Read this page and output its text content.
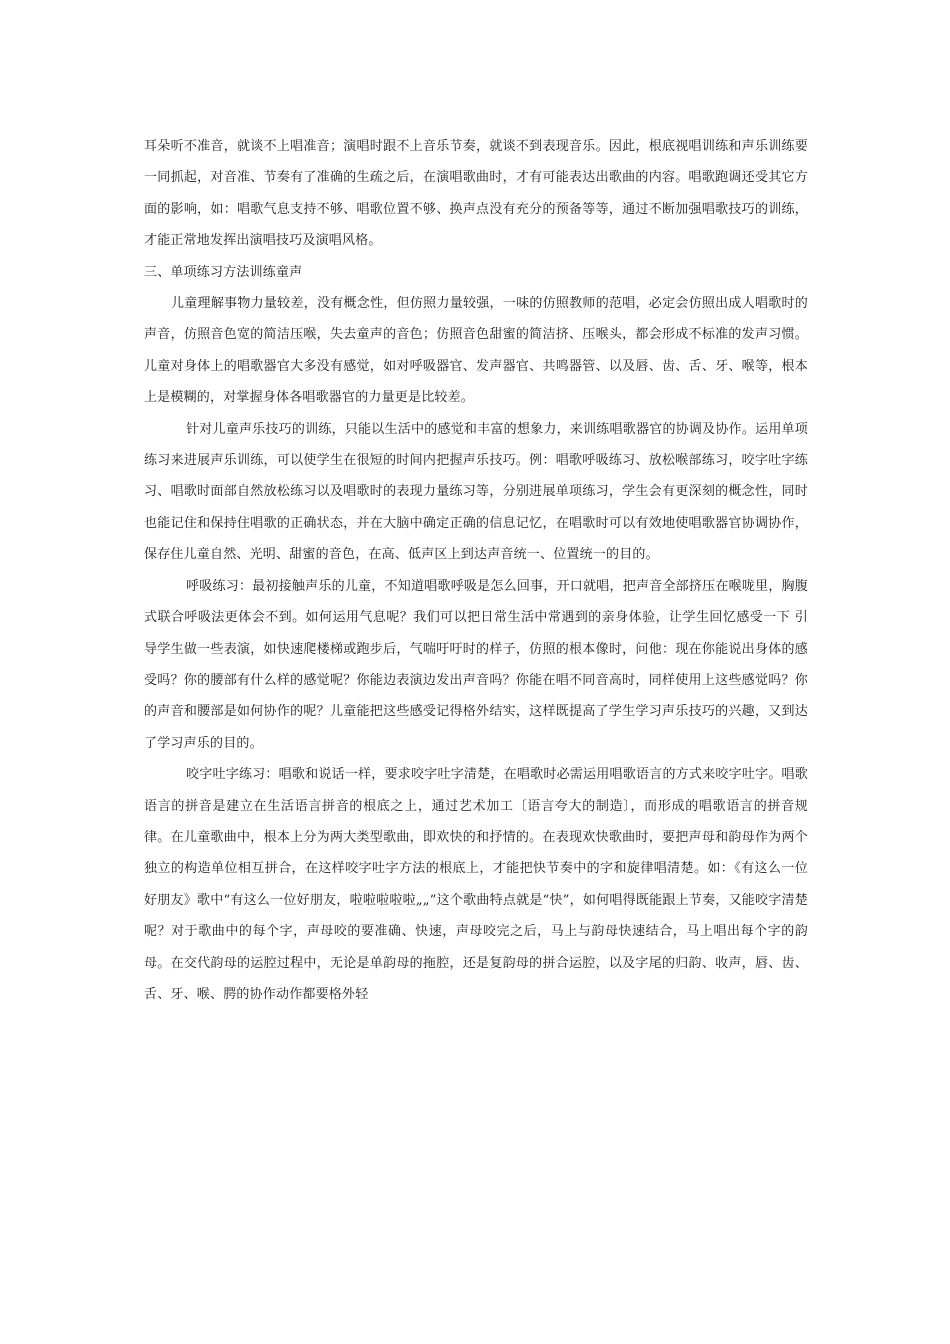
耳朵听不准音，就谈不上唱准音；演唱时跟不上音乐节奏，就谈不到表现音乐。因此，根底视唱训练和声乐训练要一同抓起，对音准、节奏有了准确的生疏之后，在演唱歌曲时，才有可能表达出歌曲的内容。唱歌跑调还受其它方面的影响，如：唱歌气息支持不够、唱歌位置不够、换声点没有充分的预备等等，通过不断加强唱歌技巧的训练，才能正常地发挥出演唱技巧及演唱风格。

三、单项练习方法训练童声

儿童理解事物力量较差，没有概念性，但仿照力量较强，一味的仿照教师的范唱，必定会仿照出成人唱歌时的声音，仿照音色宽的简洁压喉，失去童声的音色；仿照音色甜蜜的简洁挤、压喉头，都会形成不标准的发声习惯。儿童对身体上的唱歌器官大多没有感觉，如对呼吸器官、发声器官、共鸣器管、以及唇、齿、舌、牙、喉等，根本上是模糊的，对掌握身体各唱歌器官的力量更是比较差。

针对儿童声乐技巧的训练，只能以生活中的感觉和丰富的想象力，来训练唱歌器官的协调及协作。运用单项练习来进展声乐训练，可以使学生在很短的时间内把握声乐技巧。例：唱歌呼吸练习、放松喉部练习，咬字吐字练习、唱歌时面部自然放松练习以及唱歌时的表现力量练习等，分别进展单项练习，学生会有更深刻的概念性，同时也能记住和保持住唱歌的正确状态，并在大脑中确定正确的信息记忆，在唱歌时可以有效地使唱歌器官协调协作，保存住儿童自然、光明、甜蜜的音色，在高、低声区上到达声音统一、位置统一的目的。

呼吸练习：最初接触声乐的儿童，不知道唱歌呼吸是怎么回事，开口就唱，把声音全部挤压在喉咙里，胸腹式联合呼吸法更体会不到。如何运用气息呢？我们可以把日常生活中常遇到的亲身体验，让学生回忆感受一下 引导学生做一些表演，如快速爬楼梯或跑步后，气喘吁吁时的样子，仿照的根本像时，问他：现在你能说出身体的感受吗？你的腰部有什么样的感觉呢？你能边表演边发出声音吗？你能在唱不同音高时，同样使用上这些感觉吗？你的声音和腰部是如何协作的呢？儿童能把这些感受记得格外结实，这样既提高了学生学习声乐技巧的兴趣，又到达了学习声乐的目的。

咬字吐字练习：唱歌和说话一样，要求咬字吐字清楚，在唱歌时必需运用唱歌语言的方式来咬字吐字。唱歌语言的拼音是建立在生活语言拼音的根底之上，通过艺术加工〔语言夸大的制造〕，而形成的唱歌语言的拼音规律。在儿童歌曲中，根本上分为两大类型歌曲，即欢快的和抒情的。在表现欢快歌曲时，要把声母和韵母作为两个独立的构造单位相互拼合，在这样咬字吐字方法的根底上，才能把快节奏中的字和旋律唱清楚。如：《有这么一位好朋友》歌中“有这么一位好朋友，啦啦啦啦啦„„”这个歌曲特点就是“快”，如何唱得既能跟上节奏，又能咬字清楚呢？对于歌曲中的每个字，声母咬的要准确、快速，声母咬完之后，马上与韵母快速结合，马上唱出每个字的韵母。在交代韵母的运腔过程中，无论是单韵母的拖腔，还是复韵母的拼合运腔，以及字尾的归韵、收声，唇、齿、舌、牙、喉、腭的协作动作都要格外轻
